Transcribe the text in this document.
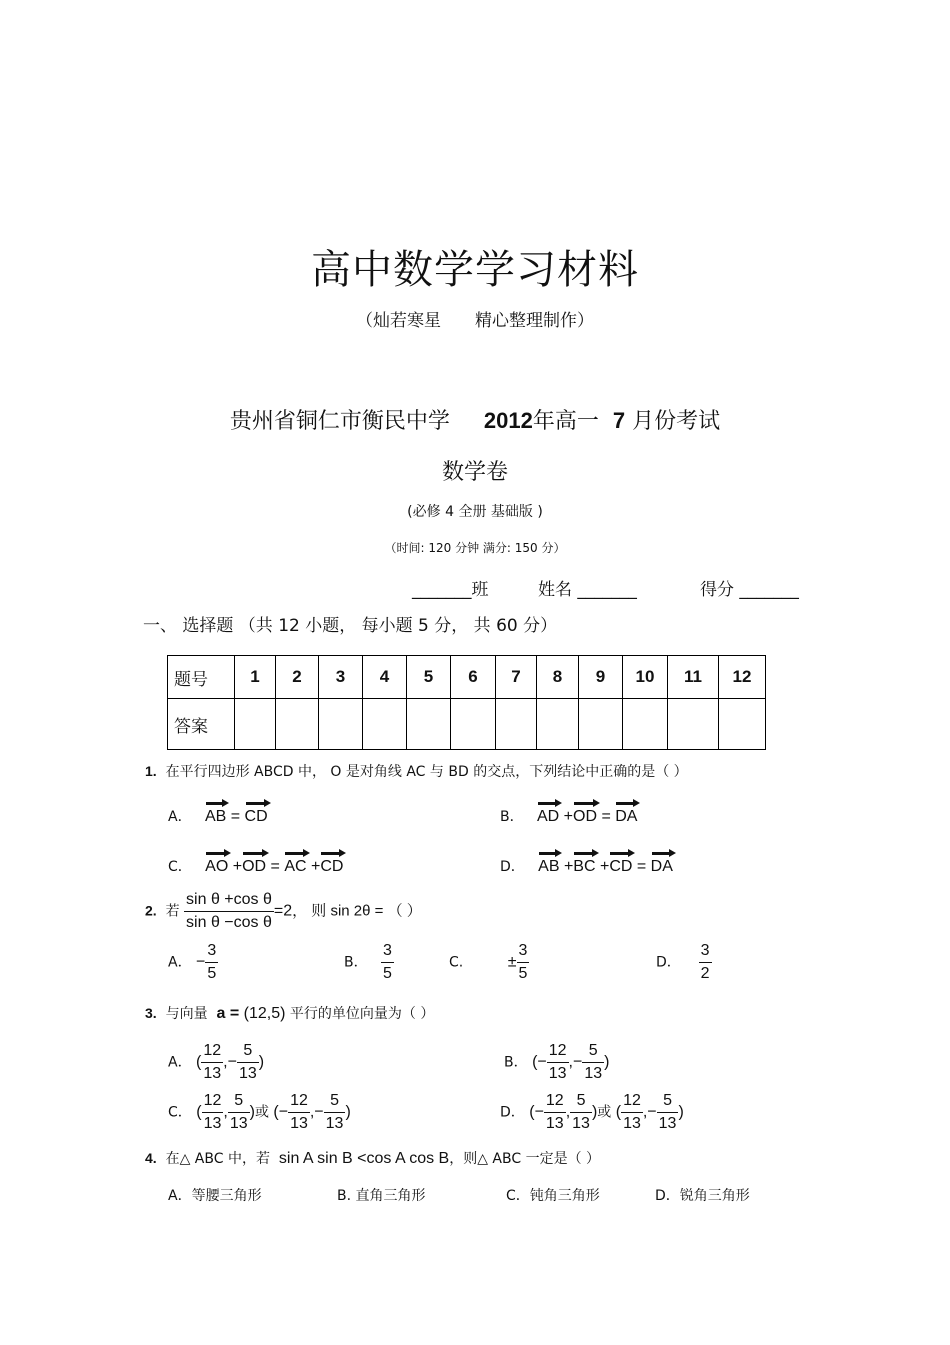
高中数学学习材料
（灿若寒星　　精心整理制作）
贵州省铜仁市衡民中学 2012年高一 7 月份考试
数学卷
(必修 4 全册 基础版 )
（时间: 120 分钟 满分: 150 分）
_______班	姓名 _______	得分 _______
一、 选择题 （共 12 小题， 每小题 5 分， 共 60 分）
题号	1	2	3	4	5	6	7	8	9	10	11	12
答案												
1. 在平行四边形 ABCD 中， O 是对角线 AC 与 BD 的交点，下列结论中正确的是（ ）
A． AB = CD	B． AD +OD = DA
C． AO +OD = AC +CD	D． AB +BC +CD = DA
2. 若 $\frac{\text{sin θ +cos θ}}{\text{sin θ −cos θ}} =2$， 则 sin 2θ = （ ）
A． − $\frac{3}{5}$	B． $\frac{3}{5}$	C.	± $\frac{3}{5}$	D． $\frac{3}{2}$
3. 与向量 a = (12,5) 平行的单位向量为（ ）
A． ( $\frac{12}{13}$ ,− $\frac{5}{13}$ )	B． (− $\frac{12}{13}$ ,− $\frac{5}{13}$ )
C． ( $\frac{12}{13}$ , $\frac{5}{13}$ )或 (− $\frac{12}{13}$ ,− $\frac{5}{13}$ )	D． (− $\frac{12}{13}$ , $\frac{5}{13}$ )或 ( $\frac{12}{13}$ ,− $\frac{5}{13}$ )
4. 在△ ABC 中，若 sin A sin B <cos A cos B，则△ ABC 一定是（ ）
A．等腰三角形	B. 直角三角形	C．钝角三角形	D．锐角三角形
